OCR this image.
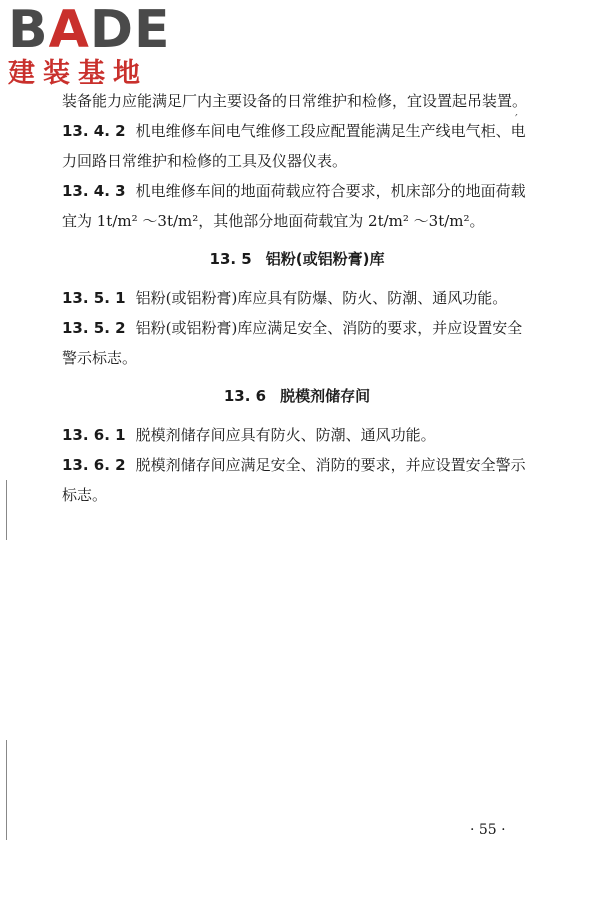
BADE
建装基地
′

装备能力应能满足厂内主要设备的日常维护和检修，宜设置起吊装置。

13. 4. 2 机电维修车间电气维修工段应配置能满足生产线电气柜、电力回路日常维护和检修的工具及仪器仪表。

13. 4. 3 机电维修车间的地面荷载应符合要求，机床部分的地面荷载宜为 1t/m² ～3t/m²，其他部分地面荷载宜为 2t/m² ～3t/m²。

13. 5 铝粉(或铝粉膏)库

13. 5. 1 铝粉(或铝粉膏)库应具有防爆、防火、防潮、通风功能。

13. 5. 2 铝粉(或铝粉膏)库应满足安全、消防的要求，并应设置安全警示标志。

13. 6 脱模剂储存间

13. 6. 1 脱模剂储存间应具有防火、防潮、通风功能。

13. 6. 2 脱模剂储存间应满足安全、消防的要求，并应设置安全警示标志。

· 55 ·
